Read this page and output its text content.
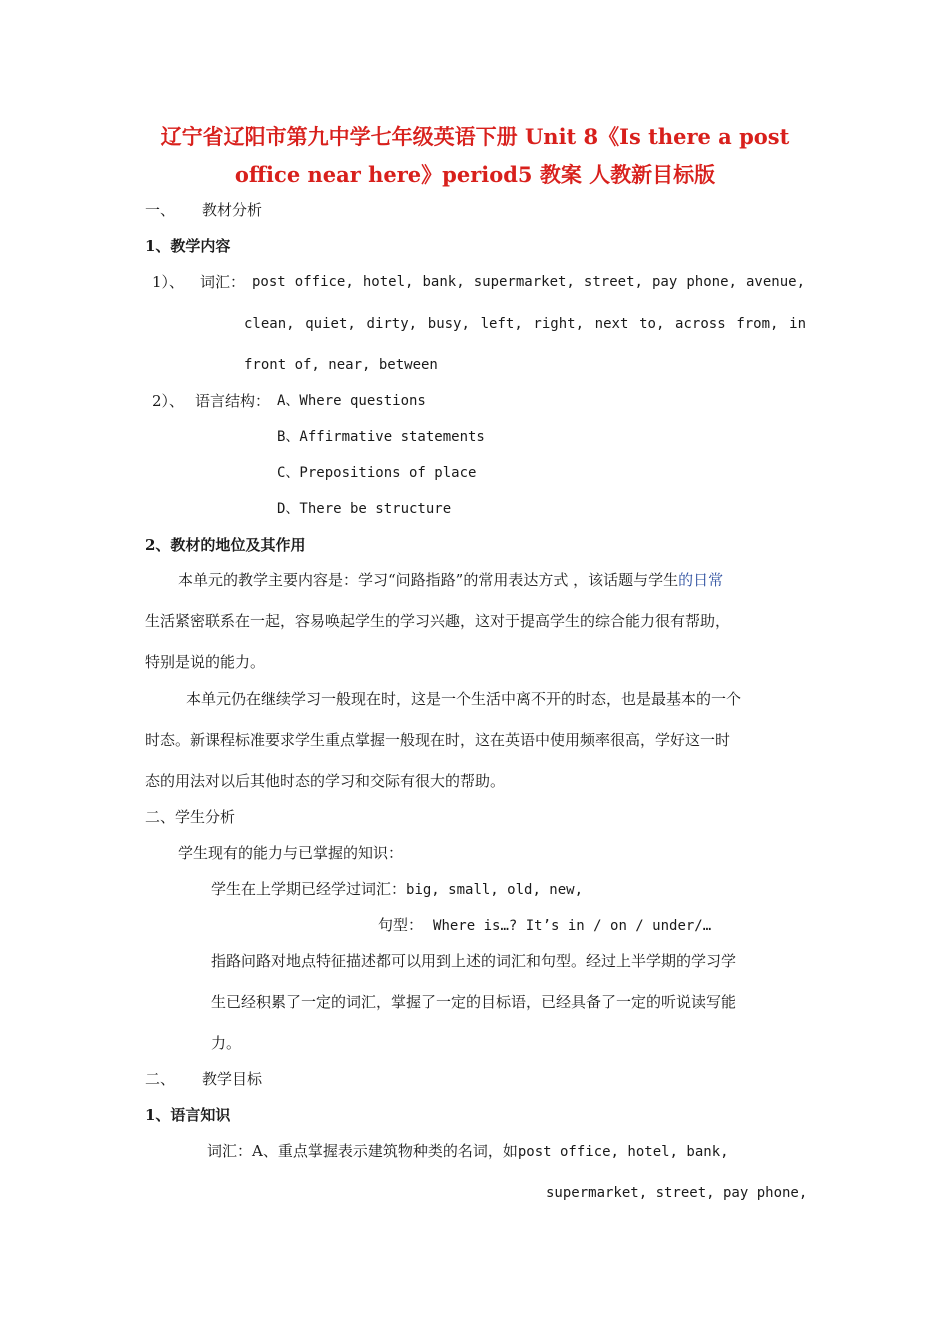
辽宁省辽阳市第九中学七年级英语下册 Unit 8《Is there a post
office near here》period5 教案 人教新目标版
一、 教材分析
1、教学内容
1）、 词汇： post office, hotel, bank, supermarket, street, pay phone, avenue,
clean, quiet, dirty, busy, left, right, next to, across from, in
front of, near, between
2）、 语言结构： A、Where questions
B、Affirmative statements
C、Prepositions of place
D、There be structure
2、教材的地位及其作用
本单元的教学主要内容是：学习“问路指路”的常用表达方式 ，该话题与学生的日常
生活紧密联系在一起，容易唤起学生的学习兴趣，这对于提高学生的综合能力很有帮助，
特别是说的能力。
本单元仍在继续学习一般现在时，这是一个生活中离不开的时态，也是最基本的一个
时态。新课程标准要求学生重点掌握一般现在时，这在英语中使用频率很高，学好这一时
态的用法对以后其他时态的学习和交际有很大的帮助。
二、学生分析
学生现有的能力与已掌握的知识：
学生在上学期已经学过词汇：big, small, old, new,
句型： Where is…? It’s in / on / under/…
指路问路对地点特征描述都可以用到上述的词汇和句型。经过上半学期的学习学
生已经积累了一定的词汇，掌握了一定的目标语，已经具备了一定的听说读写能
力。
二、 教学目标
1、语言知识
词汇：A、重点掌握表示建筑物种类的名词，如post office, hotel, bank,
supermarket, street, pay phone,
